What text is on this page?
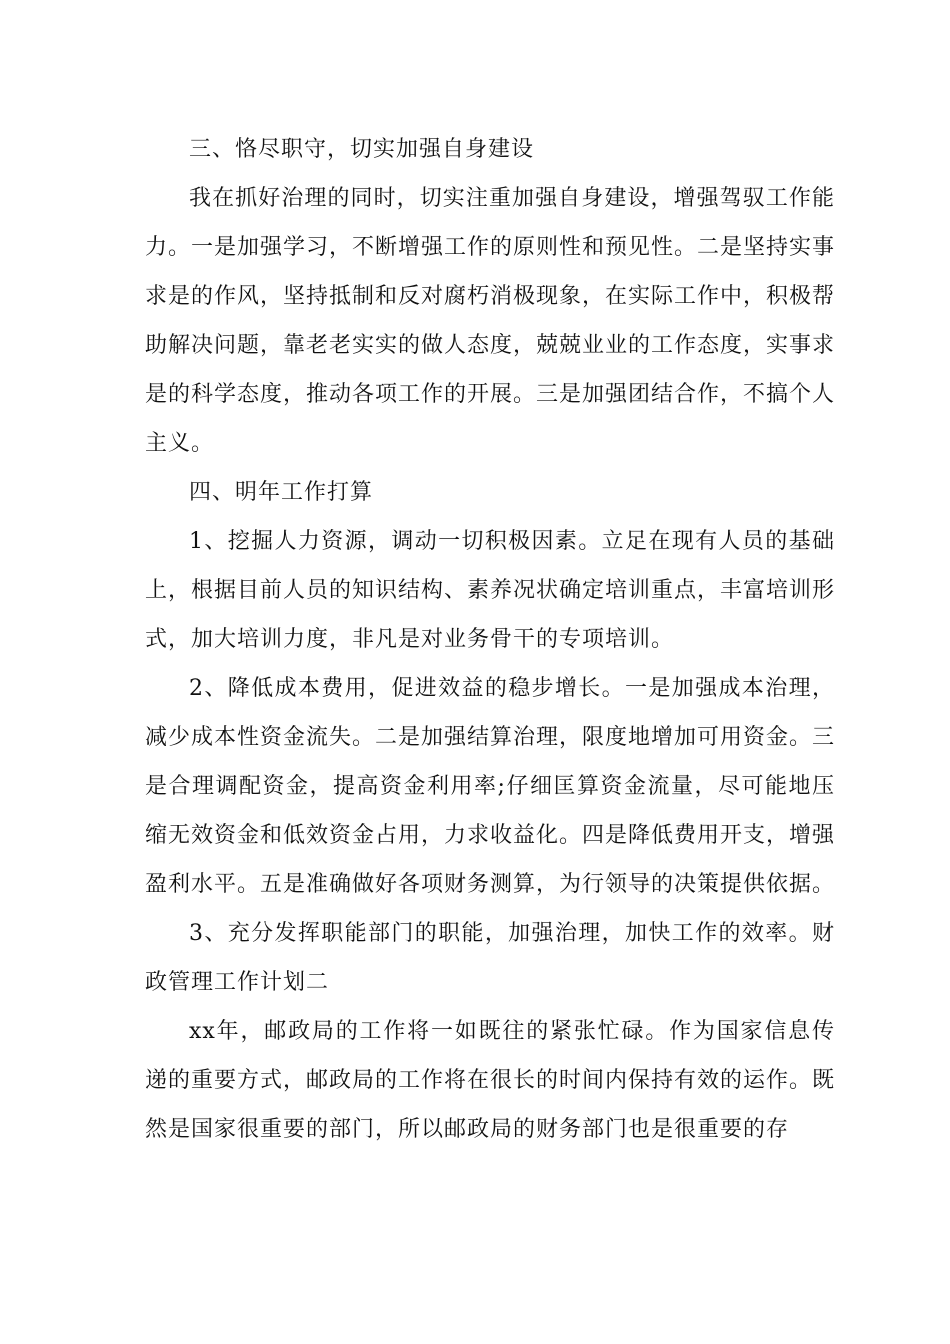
三、恪尽职守，切实加强自身建设

我在抓好治理的同时，切实注重加强自身建设，增强驾驭工作能力。一是加强学习，不断增强工作的原则性和预见性。二是坚持实事求是的作风，坚持抵制和反对腐朽消极现象，在实际工作中，积极帮助解决问题，靠老老实实的做人态度，兢兢业业的工作态度，实事求是的科学态度，推动各项工作的开展。三是加强团结合作，不搞个人主义。

四、明年工作打算

1、挖掘人力资源，调动一切积极因素。立足在现有人员的基础上，根据目前人员的知识结构、素养况状确定培训重点，丰富培训形式，加大培训力度，非凡是对业务骨干的专项培训。

2、降低成本费用，促进效益的稳步增长。一是加强成本治理，减少成本性资金流失。二是加强结算治理，限度地增加可用资金。三是合理调配资金，提高资金利用率;仔细匡算资金流量，尽可能地压缩无效资金和低效资金占用，力求收益化。四是降低费用开支，增强盈利水平。五是准确做好各项财务测算，为行领导的决策提供依据。

3、充分发挥职能部门的职能，加强治理，加快工作的效率。财政管理工作计划二

xx年，邮政局的工作将一如既往的紧张忙碌。作为国家信息传递的重要方式，邮政局的工作将在很长的时间内保持有效的运作。既然是国家很重要的部门，所以邮政局的财务部门也是很重要的存
